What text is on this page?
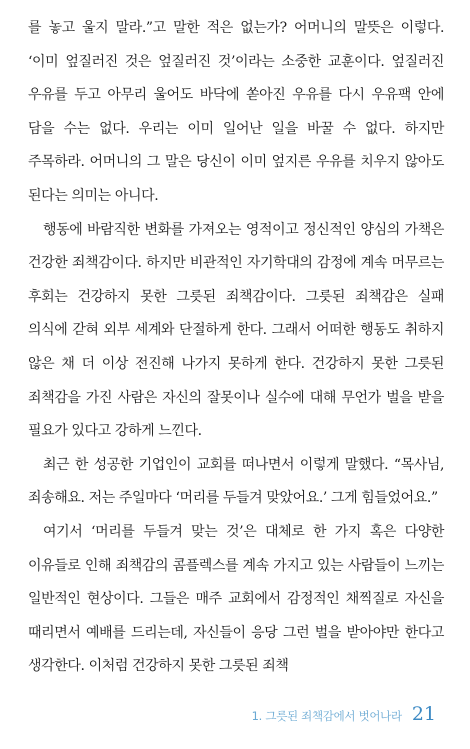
를 놓고 울지 말라.”고 말한 적은 없는가? 어머니의 말뜻은 이렇다. ‘이미 엎질러진 것은 엎질러진 것’이라는 소중한 교훈이다. 엎질러진 우유를 두고 아무리 울어도 바닥에 쏟아진 우유를 다시 우유팩 안에 담을 수는 없다. 우리는 이미 일어난 일을 바꿀 수 없다. 하지만 주목하라. 어머니의 그 말은 당신이 이미 엎지른 우유를 치우지 않아도 된다는 의미는 아니다.

행동에 바람직한 변화를 가져오는 영적이고 정신적인 양심의 가책은 건강한 죄책감이다. 하지만 비관적인 자기학대의 감정에 계속 머무르는 후회는 건강하지 못한 그릇된 죄책감이다. 그릇된 죄책감은 실패 의식에 갇혀 외부 세계와 단절하게 한다. 그래서 어떠한 행동도 취하지 않은 채 더 이상 전진해 나가지 못하게 한다. 건강하지 못한 그릇된 죄책감을 가진 사람은 자신의 잘못이나 실수에 대해 무언가 벌을 받을 필요가 있다고 강하게 느낀다.

최근 한 성공한 기업인이 교회를 떠나면서 이렇게 말했다. “목사님, 죄송해요. 저는 주일마다 ‘머리를 두들겨 맞았어요.’ 그게 힘들었어요.”

여기서 ‘머리를 두들겨 맞는 것’은 대체로 한 가지 혹은 다양한 이유들로 인해 죄책감의 콤플렉스를 계속 가지고 있는 사람들이 느끼는 일반적인 현상이다. 그들은 매주 교회에서 감정적인 채찍질로 자신을 때리면서 예배를 드리는데, 자신들이 응당 그런 벌을 받아야만 한다고 생각한다. 이처럼 건강하지 못한 그릇된 죄책

1. 그릇된 죄책감에서 벗어나라 21
